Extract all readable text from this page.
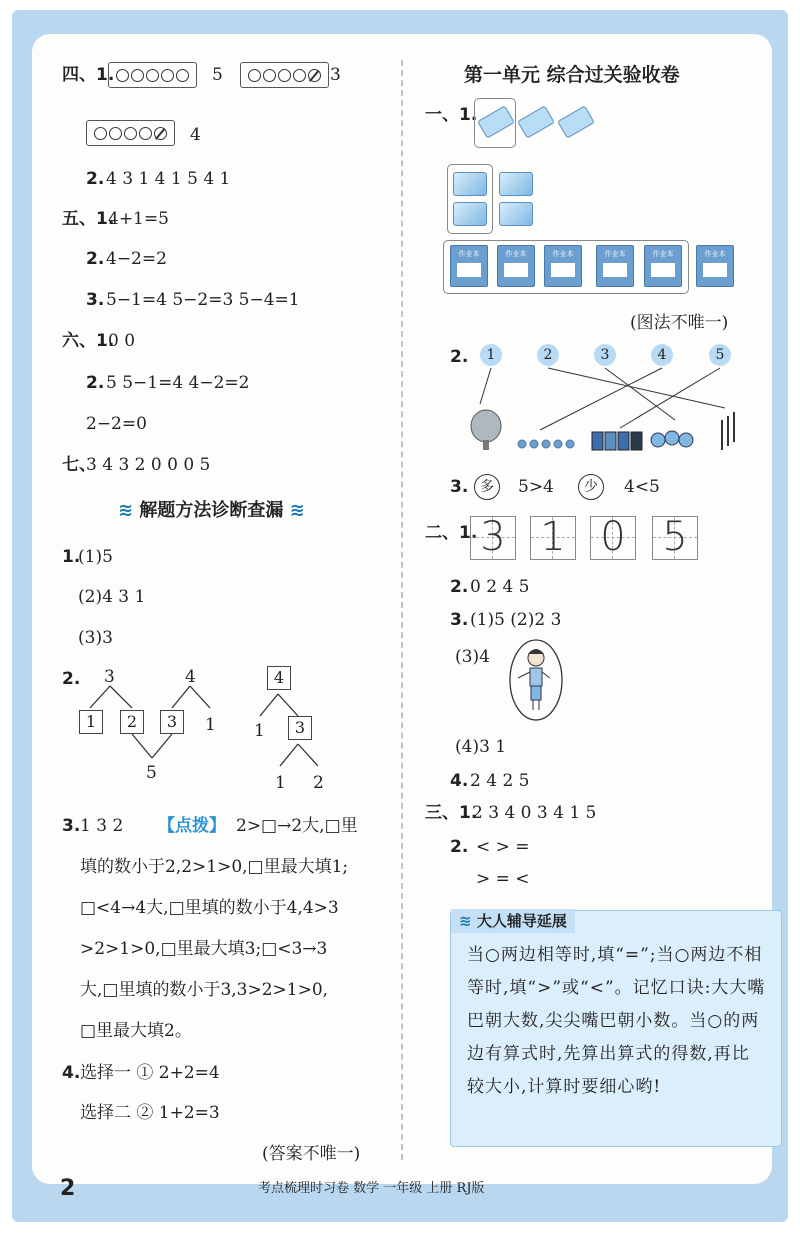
四、1.	5	3
4
2. 4 3 1 4 1 5 4 1
五、1.
4+1=5
2. 4−2=2
3. 5−1=4 5−2=3 5−4=1
六、1.
0 0
2. 5 5−1=4 4−2=2
2−2=0
七、
3 4 3 2 0 0 0 5
≋ 解题方法诊断查漏 ≋
1.
(1)5
(2)4 3 1
(3)3
2. 3	4
1	2	3	1
5
4
1	3
1 2
3. 1 3 2 【点拨】 2>□→2大,□里
填的数小于2,2>1>0,□里最大填1;
□<4→4大,□里填的数小于4,4>3
>2>1>0,□里最大填3;□<3→3
大,□里填的数小于3,3>2>1>0,
□里最大填2。
4. 选择一 ① 2+2=4
选择二 ② 1+2=3
(答案不唯一)
第一单元 综合过关验收卷
一、1.
作业本	作业本	作业本	作业本	作业本	作业本
(图法不唯一)
2.	1	2	3	4	5
3. 多	5>4	少	4<5
二、1. 3 1 0 5
2. 0 2 4 5
3. (1)5 (2)2 3
(3)4
(4)3 1
4. 2 4 2 5
三、1.
2 3 4 0 3 4 1 5
2. < > =
> = <
≋ 大人辅导延展
当○两边相等时,填“=”;当○两边不相等时,填“>”或“<”。记忆口诀:大大嘴巴朝大数,尖尖嘴巴朝小数。当○的两边有算式时,先算出算式的得数,再比较大小,计算时要细心哟!
2	考点梳理时习卷 数学 一年级 上册 RJ版
